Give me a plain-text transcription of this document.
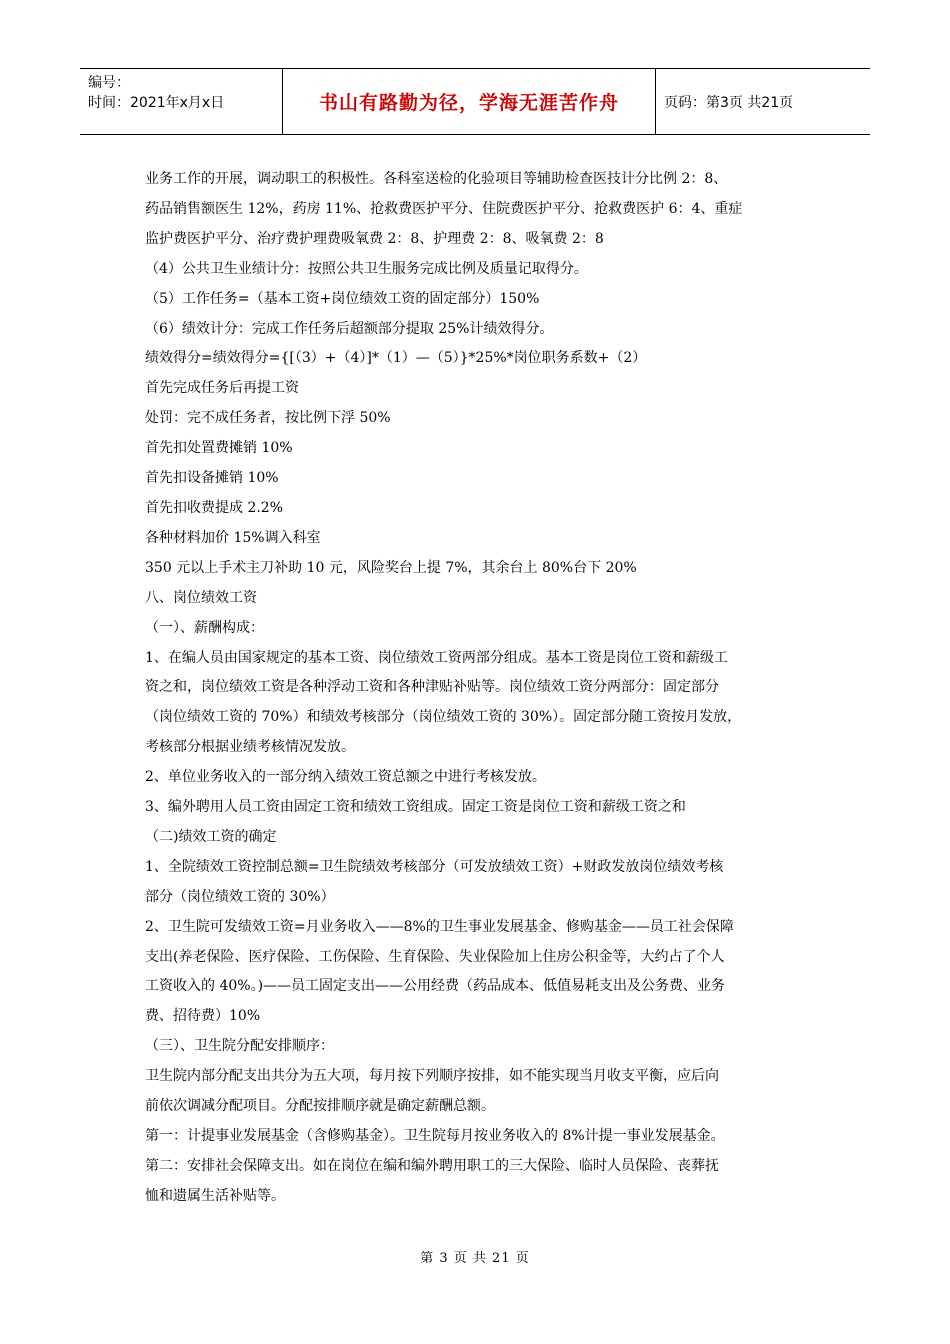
编号：
时间：2021年x月x日	书山有路勤为径，学海无涯苦作舟	页码：第3页 共21页

业务工作的开展，调动职工的积极性。各科室送检的化验项目等辅助检查医技计分比例 2：8、

药品销售额医生 12%，药房 11%、抢救费医护平分、住院费医护平分、抢救费医护 6：4、重症

监护费医护平分、治疗费护理费吸氧费 2：8、护理费 2：8、吸氧费 2：8

（4）公共卫生业绩计分：按照公共卫生服务完成比例及质量记取得分。

（5）工作任务=（基本工资+岗位绩效工资的固定部分）150%

（6）绩效计分：完成工作任务后超额部分提取 25%计绩效得分。

绩效得分=绩效得分={[（3）+（4）]*（1）—（5）}*25%*岗位职务系数+（2）

首先完成任务后再提工资

处罚：完不成任务者，按比例下浮 50%

首先扣处置费摊销 10%

首先扣设备摊销 10%

首先扣收费提成 2.2%

各种材料加价 15%调入科室

350 元以上手术主刀补助 10 元，风险奖台上提 7%，其余台上 80%台下 20%

八、岗位绩效工资

（一）、薪酬构成：

1、在编人员由国家规定的基本工资、岗位绩效工资两部分组成。基本工资是岗位工资和薪级工

资之和，岗位绩效工资是各种浮动工资和各种津贴补贴等。岗位绩效工资分两部分：固定部分

（岗位绩效工资的 70%）和绩效考核部分（岗位绩效工资的 30%）。固定部分随工资按月发放，

考核部分根据业绩考核情况发放。

2、单位业务收入的一部分纳入绩效工资总额之中进行考核发放。

3、编外聘用人员工资由固定工资和绩效工资组成。固定工资是岗位工资和薪级工资之和

（二)绩效工资的确定

1、全院绩效工资控制总额=卫生院绩效考核部分（可发放绩效工资）+财政发放岗位绩效考核

部分（岗位绩效工资的 30%）

2、卫生院可发绩效工资=月业务收入——8%的卫生事业发展基金、修购基金——员工社会保障

支出(养老保险、医疗保险、工伤保险、生育保险、失业保险加上住房公积金等，大约占了个人

工资收入的 40%。)——员工固定支出——公用经费（药品成本、低值易耗支出及公务费、业务

费、招待费）10%

（三）、卫生院分配安排顺序：

卫生院内部分配支出共分为五大项，每月按下列顺序按排，如不能实现当月收支平衡，应后向

前依次调减分配项目。分配按排顺序就是确定薪酬总额。

第一：计提事业发展基金（含修购基金）。卫生院每月按业务收入的 8%计提一事业发展基金。

第二：安排社会保障支出。如在岗位在编和编外聘用职工的三大保险、临时人员保险、丧葬抚

恤和遗属生活补贴等。

第 3 页 共 21 页
